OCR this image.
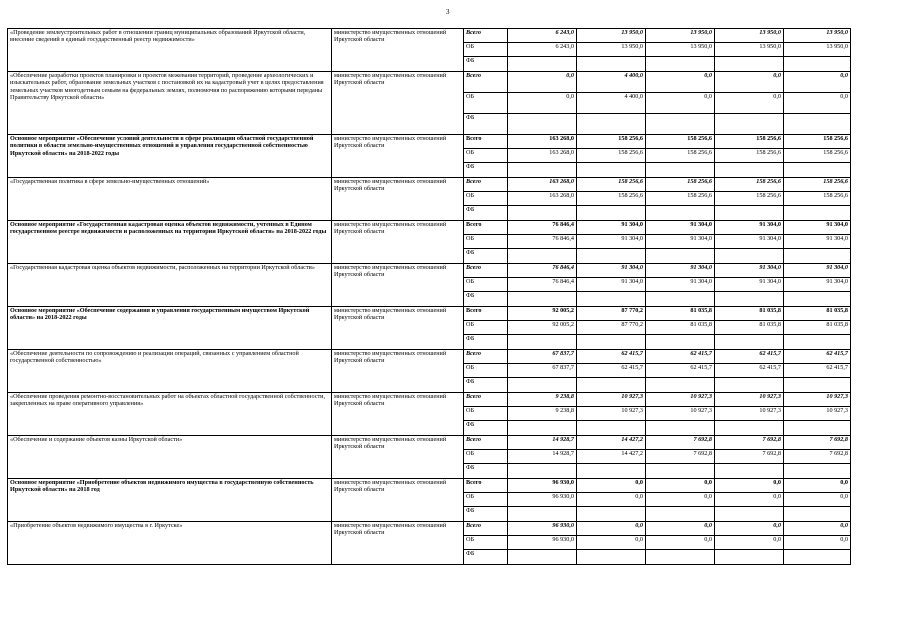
3
«Проведение землеустроительных работ в отношении границ муниципальных образований Иркутской области, внесение сведений в единый государственный реестр недвижимости»	министерство имущественных отношений Иркутской области	Всего	6 243,0	13 950,0	13 950,0	13 950,0	13 950,0
		ОБ	6 243,0	13 950,0	13 950,0	13 950,0	13 950,0
		ФБ					
«Обеспечение разработки проектов планировки и проектов межевания территорий, проведение археологических и изыскательных работ, образование земельных участков с постановкой их на кадастровый учет в целях предоставления земельных участков многодетным семьям на федеральных землях, полномочия по распоряжению которыми переданы Правительству Иркутской области»	министерство имущественных отношений Иркутской области	Всего	0,0	4 400,0	0,0	0,0	0,0
		ОБ	0,0	4 400,0	0,0	0,0	0,0
		ФБ					
Основное мероприятие «Обеспечение условий деятельности в сфере реализации областной государственной политики в области земельно-имущественных отношений и управления государственной собственностью Иркутской области» на 2018-2022 годы	министерство имущественных отношений Иркутской области	Всего	163 268,0	158 256,6	158 256,6	158 256,6	158 256,6
		ОБ	163 268,0	158 256,6	158 256,6	158 256,6	158 256,6
		ФБ					
«Государственная политика в сфере земельно-имущественных отношений»	министерство имущественных отношений Иркутской области	Всего	163 268,0	158 256,6	158 256,6	158 256,6	158 256,6
		ОБ	163 268,0	158 256,6	158 256,6	158 256,6	158 256,6
		ФБ					
Основное мероприятие «Государственная кадастровая оценка объектов недвижимости, учтенных в Едином государственном реестре недвижимости и расположенных на территории Иркутской области» на 2018-2022 годы	министерство имущественных отношений Иркутской области	Всего	76 846,4	91 304,0	91 304,0	91 304,0	91 304,0
		ОБ	76 846,4	91 304,0	91 304,0	91 304,0	91 304,0
		ФБ					
«Государственная кадастровая оценка объектов недвижимости, расположенных на территории Иркутской области»	министерство имущественных отношений Иркутской области	Всего	76 846,4	91 304,0	91 304,0	91 304,0	91 304,0
		ОБ	76 846,4	91 304,0	91 304,0	91 304,0	91 304,0
		ФБ					
Основное мероприятие «Обеспечение содержания и управления государственным имуществом Иркутской области» на 2018-2022 годы	министерство имущественных отношений Иркутской области	Всего	92 005,2	87 770,2	81 035,8	81 035,8	81 035,8
		ОБ	92 005,2	87 770,2	81 035,8	81 035,8	81 035,8
		ФБ					
«Обеспечение деятельности по сопровождению и реализации операций, связанных с управлением областной государственной собственностью»	министерство имущественных отношений Иркутской области	Всего	67 837,7	62 415,7	62 415,7	62 415,7	62 415,7
		ОБ	67 837,7	62 415,7	62 415,7	62 415,7	62 415,7
		ФБ					
«Обеспечение проведения ремонтно-восстановительных работ на объектах областной государственной собственности, закрепленных на праве оперативного управления»	министерство имущественных отношений Иркутской области	Всего	9 238,8	10 927,3	10 927,3	10 927,3	10 927,3
		ОБ	9 238,8	10 927,3	10 927,3	10 927,3	10 927,3
		ФБ					
«Обеспечение и содержание объектов казны Иркутской области»	министерство имущественных отношений Иркутской области	Всего	14 928,7	14 427,2	7 692,8	7 692,8	7 692,8
		ОБ	14 928,7	14 427,2	7 692,8	7 692,8	7 692,8
		ФБ					
Основное мероприятие «Приобретение объектов недвижимого имущества в государственную собственность Иркутской области» на 2018 год	министерство имущественных отношений Иркутской области	Всего	96 930,0	0,0	0,0	0,0	0,0
		ОБ	96 930,0	0,0	0,0	0,0	0,0
		ФБ					
«Приобретение объектов недвижимого имущества в г. Иркутске»	министерство имущественных отношений Иркутской области	Всего	96 930,0	0,0	0,0	0,0	0,0
		ОБ	96 930,0	0,0	0,0	0,0	0,0
		ФБ					
